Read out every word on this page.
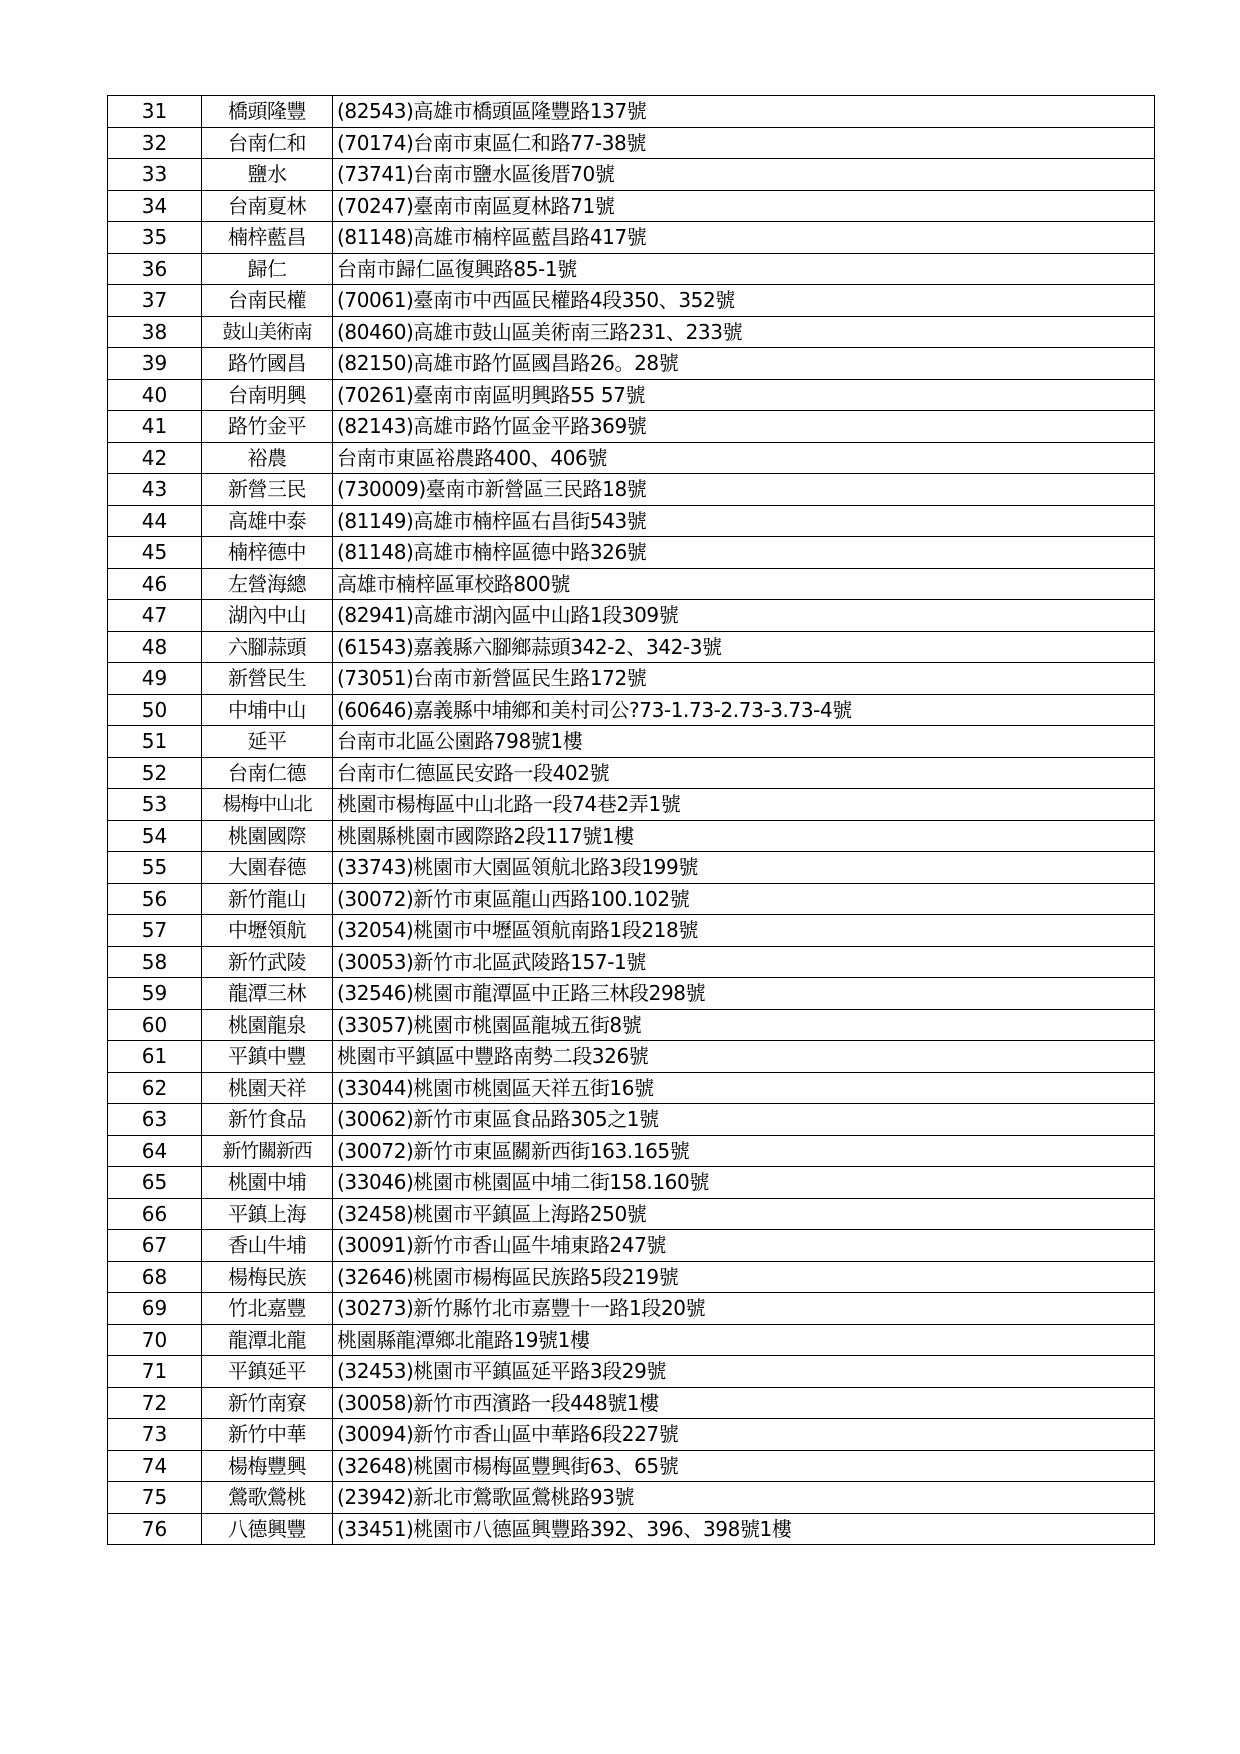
31	橋頭隆豐	(82543)高雄市橋頭區隆豐路137號
32	台南仁和	(70174)台南市東區仁和路77-38號
33	鹽水	(73741)台南市鹽水區後厝70號
34	台南夏林	(70247)臺南市南區夏林路71號
35	楠梓藍昌	(81148)高雄市楠梓區藍昌路417號
36	歸仁	台南市歸仁區復興路85-1號
37	台南民權	(70061)臺南市中西區民權路4段350、352號
38	鼓山美術南	(80460)高雄市鼓山區美術南三路231、233號
39	路竹國昌	(82150)高雄市路竹區國昌路26。28號
40	台南明興	(70261)臺南市南區明興路55 57號
41	路竹金平	(82143)高雄市路竹區金平路369號
42	裕農	台南市東區裕農路400、406號
43	新營三民	(730009)臺南市新營區三民路18號
44	高雄中泰	(81149)高雄市楠梓區右昌街543號
45	楠梓德中	(81148)高雄市楠梓區德中路326號
46	左營海總	高雄市楠梓區軍校路800號
47	湖內中山	(82941)高雄市湖內區中山路1段309號
48	六腳蒜頭	(61543)嘉義縣六腳鄉蒜頭342-2、342-3號
49	新營民生	(73051)台南市新營區民生路172號
50	中埔中山	(60646)嘉義縣中埔鄉和美村司公?73-1.73-2.73-3.73-4號
51	延平	台南市北區公園路798號1樓
52	台南仁德	台南市仁德區民安路一段402號
53	楊梅中山北	桃園市楊梅區中山北路一段74巷2弄1號
54	桃園國際	桃園縣桃園市國際路2段117號1樓
55	大園春德	(33743)桃園市大園區領航北路3段199號
56	新竹龍山	(30072)新竹市東區龍山西路100.102號
57	中壢領航	(32054)桃園市中壢區領航南路1段218號
58	新竹武陵	(30053)新竹市北區武陵路157-1號
59	龍潭三林	(32546)桃園市龍潭區中正路三林段298號
60	桃園龍泉	(33057)桃園市桃園區龍城五街8號
61	平鎮中豐	桃園市平鎮區中豐路南勢二段326號
62	桃園天祥	(33044)桃園市桃園區天祥五街16號
63	新竹食品	(30062)新竹市東區食品路305之1號
64	新竹關新西	(30072)新竹市東區關新西街163.165號
65	桃園中埔	(33046)桃園市桃園區中埔二街158.160號
66	平鎮上海	(32458)桃園市平鎮區上海路250號
67	香山牛埔	(30091)新竹市香山區牛埔東路247號
68	楊梅民族	(32646)桃園市楊梅區民族路5段219號
69	竹北嘉豐	(30273)新竹縣竹北市嘉豐十一路1段20號
70	龍潭北龍	桃園縣龍潭鄉北龍路19號1樓
71	平鎮延平	(32453)桃園市平鎮區延平路3段29號
72	新竹南寮	(30058)新竹市西濱路一段448號1樓
73	新竹中華	(30094)新竹市香山區中華路6段227號
74	楊梅豐興	(32648)桃園市楊梅區豐興街63、65號
75	鶯歌鶯桃	(23942)新北市鶯歌區鶯桃路93號
76	八德興豐	(33451)桃園市八德區興豐路392、396、398號1樓
